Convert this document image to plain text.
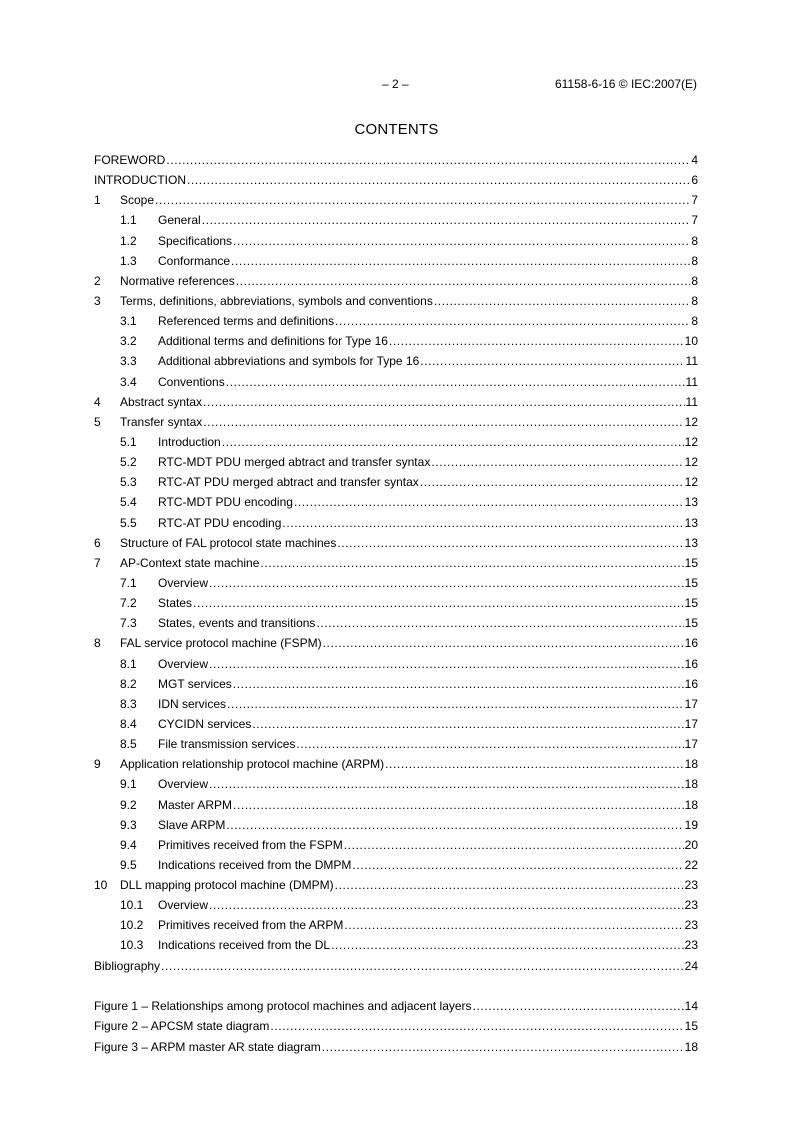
– 2 –	61158-6-16 © IEC:2007(E)
CONTENTS
FOREWORD .....	4
INTRODUCTION .....	6
1	Scope .....	7
1.1	General .....	7
1.2	Specifications .....	8
1.3	Conformance .....	8
2	Normative references .....	8
3	Terms, definitions, abbreviations, symbols and conventions .....	8
3.1	Referenced terms and definitions .....	8
3.2	Additional terms and definitions for Type 16 .....	10
3.3	Additional abbreviations and symbols for Type 16 .....	11
3.4	Conventions .....	11
4	Abstract syntax .....	11
5	Transfer syntax .....	12
5.1	Introduction .....	12
5.2	RTC-MDT PDU merged abtract and transfer syntax .....	12
5.3	RTC-AT PDU merged abtract and transfer syntax .....	12
5.4	RTC-MDT PDU encoding .....	13
5.5	RTC-AT PDU encoding .....	13
6	Structure of FAL protocol state machines .....	13
7	AP-Context state machine .....	15
7.1	Overview .....	15
7.2	States .....	15
7.3	States, events and transitions .....	15
8	FAL service protocol machine (FSPM) .....	16
8.1	Overview .....	16
8.2	MGT services .....	16
8.3	IDN services .....	17
8.4	CYCIDN services .....	17
8.5	File transmission services .....	17
9	Application relationship protocol machine (ARPM) .....	18
9.1	Overview .....	18
9.2	Master ARPM .....	18
9.3	Slave ARPM .....	19
9.4	Primitives received from the FSPM .....	20
9.5	Indications received from the DMPM .....	22
10	DLL mapping protocol machine (DMPM) .....	23
10.1	Overview .....	23
10.2	Primitives received from the ARPM .....	23
10.3	Indications received from the DL .....	23
Bibliography .....	24
Figure 1 – Relationships among protocol machines and adjacent layers .....	14
Figure 2 – APCSM state diagram .....	15
Figure 3 – ARPM master AR state diagram .....	18
